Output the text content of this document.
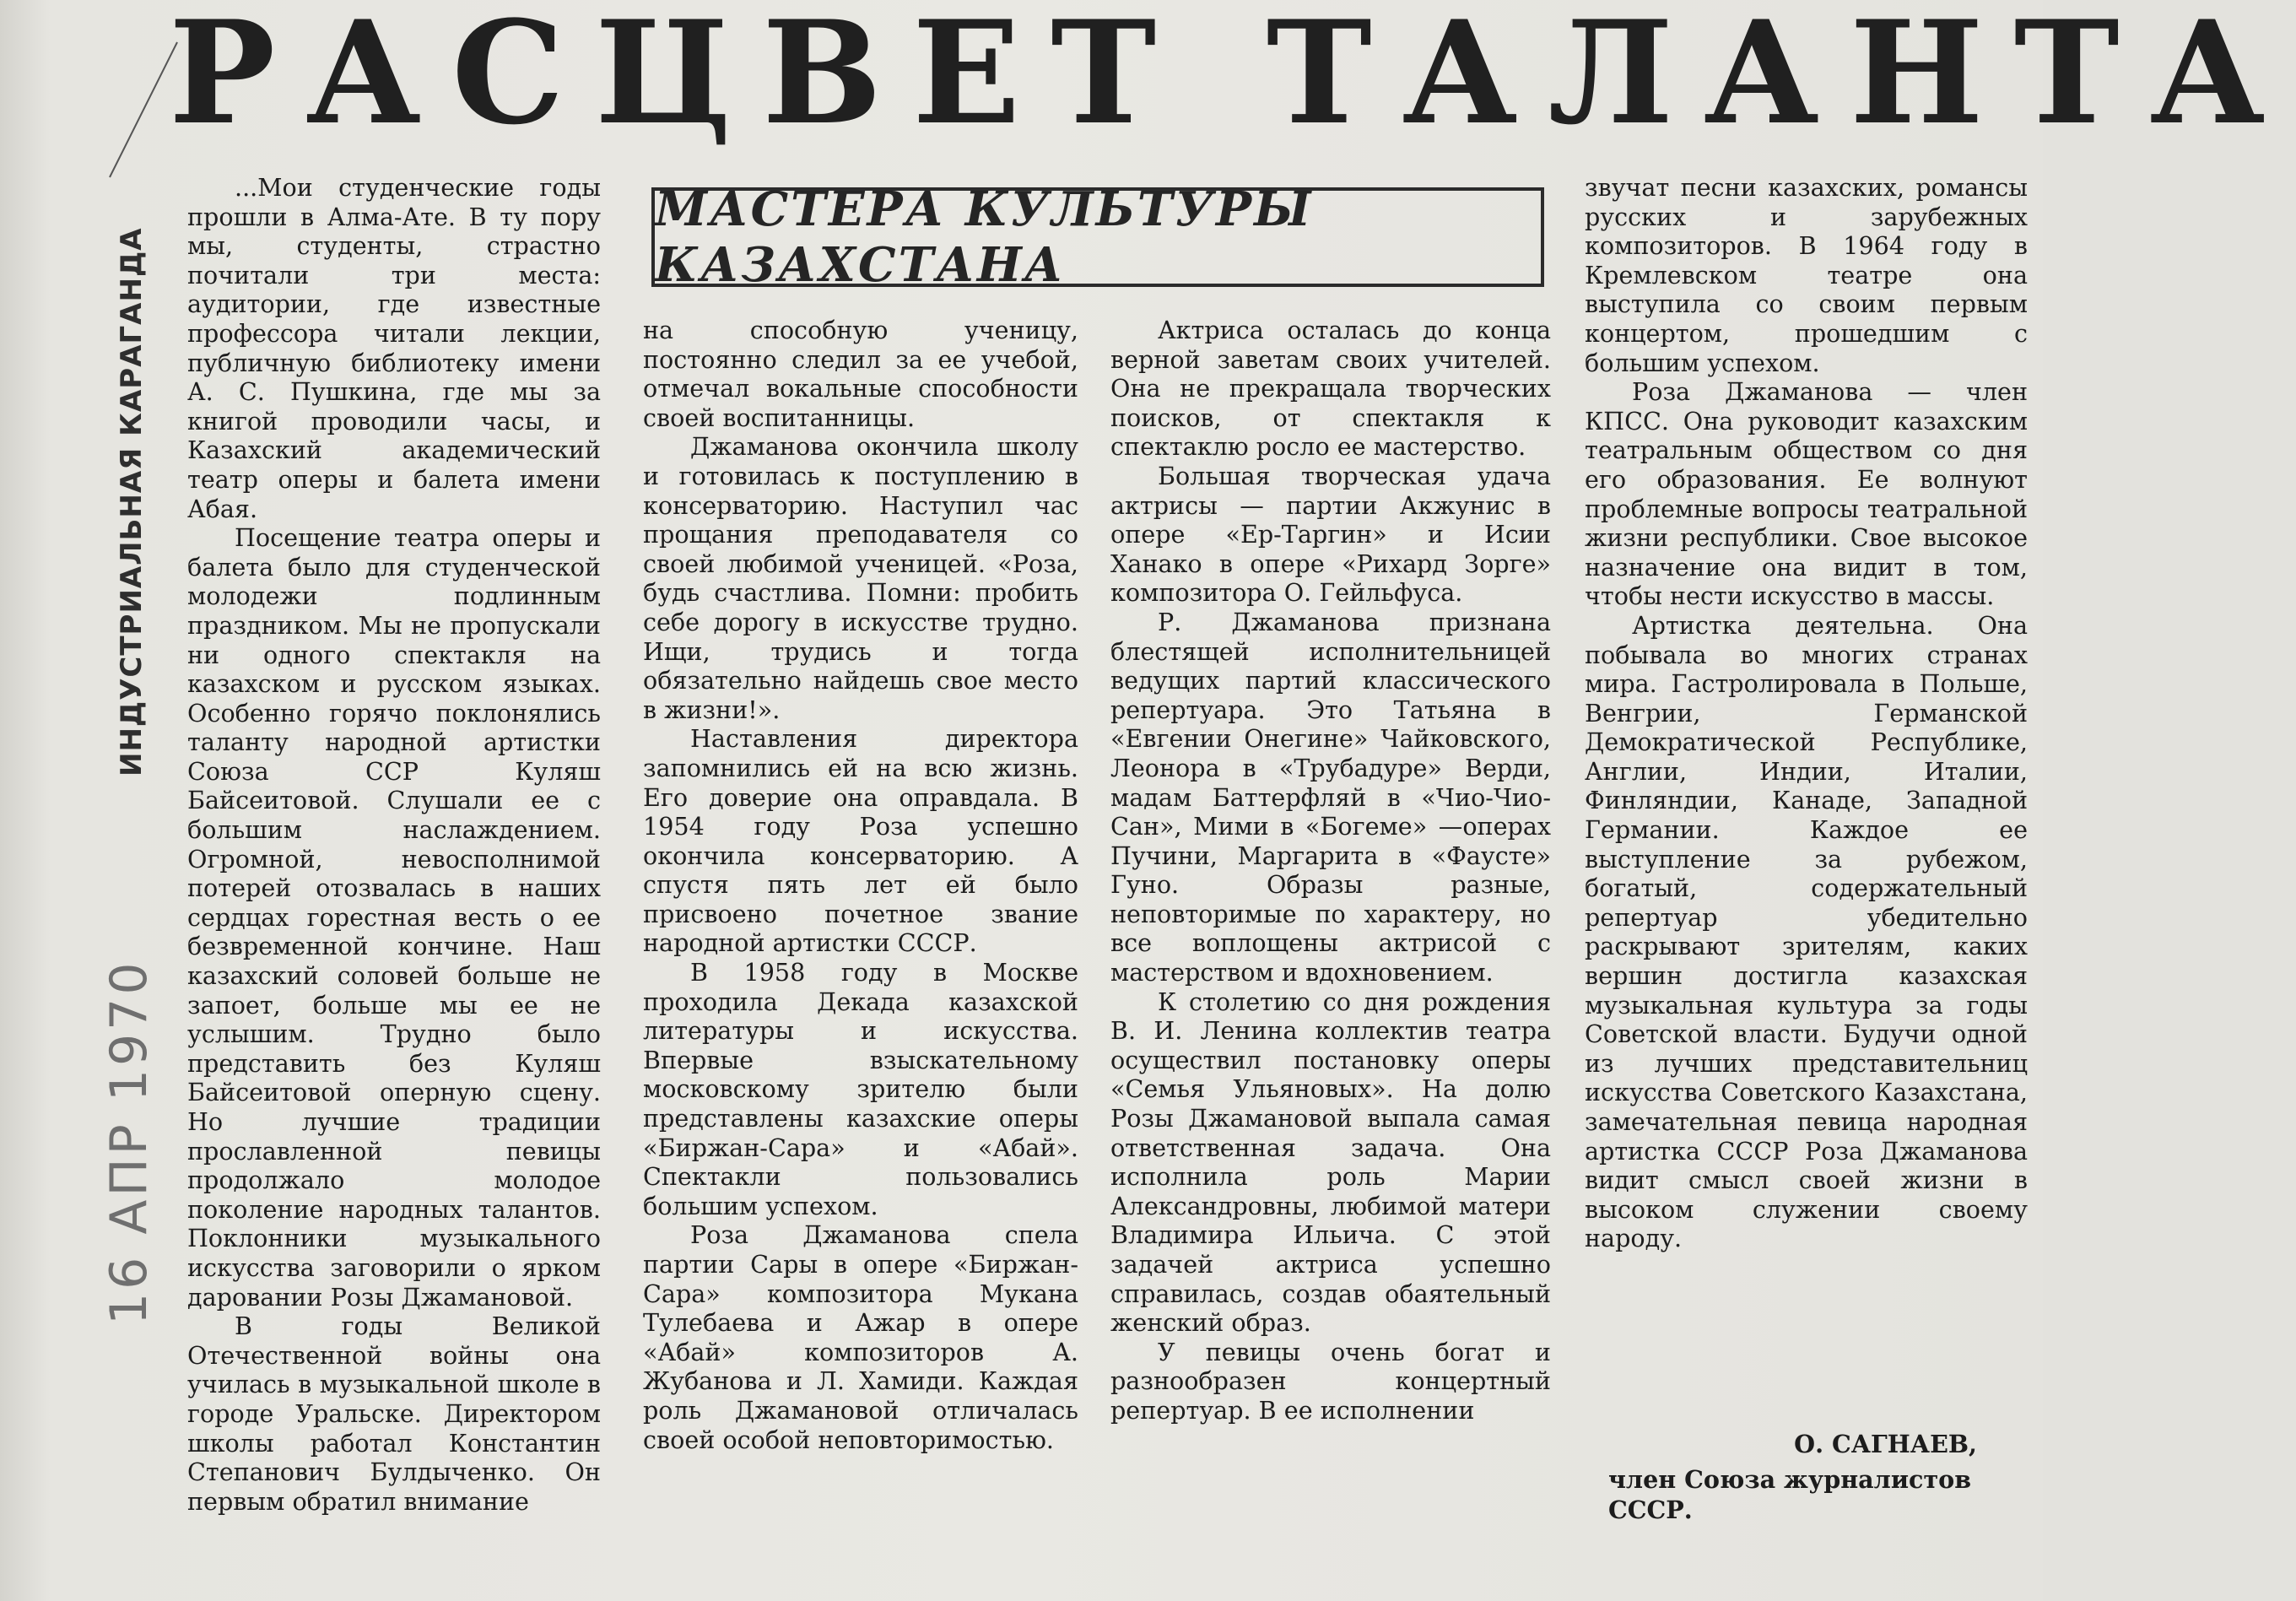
РАСЦВЕТ ТАЛАНТА
ИНДУСТРИАЛЬНАЯ КАРАГАНДА
16 АПР 1970
МАСТЕРА КУЛЬТУРЫ КАЗАХСТАНА

...Мои студенческие годы прошли в Алма-Ате. В ту пору мы, студенты, страстно почитали три места: аудитории, где известные профессора читали лекции, публичную библиотеку имени А. С. Пушкина, где мы за книгой проводили часы, и Казахский академический театр оперы и балета имени Абая.

Посещение театра оперы и балета было для студенческой молодежи подлинным праздником. Мы не пропускали ни одного спектакля на казахском и русском языках. Особенно горячо поклонялись таланту народной артистки Союза ССР Куляш Байсеитовой. Слушали ее с большим наслаждением. Огромной, невосполнимой потерей отозвалась в наших сердцах горестная весть о ее безвременной кончине. Наш казахский соловей больше не запоет, больше мы ее не услышим. Трудно было представить без Куляш Байсеитовой оперную сцену. Но лучшие традиции прославленной певицы продолжало молодое поколение народных талантов. Поклонники музыкального искусства заговорили о ярком даровании Розы Джамановой.

В годы Великой Отечественной войны она училась в музыкальной школе в городе Уральске. Директором школы работал Константин Степанович Булдыченко. Он первым обратил внимание

на способную ученицу, постоянно следил за ее учебой, отмечал вокальные способности своей воспитанницы.

Джаманова окончила школу и готовилась к поступлению в консерваторию. Наступил час прощания преподавателя со своей любимой ученицей. «Роза, будь счастлива. Помни: пробить себе дорогу в искусстве трудно. Ищи, трудись и тогда обязательно найдешь свое место в жизни!».

Наставления директора запомнились ей на всю жизнь. Его доверие она оправдала. В 1954 году Роза успешно окончила консерваторию. А спустя пять лет ей было присвоено почетное звание народной артистки СССР.

В 1958 году в Москве проходила Декада казахской литературы и искусства. Впервые взыскательному московскому зрителю были представлены казахские оперы «Биржан-Сара» и «Абай». Спектакли пользовались большим успехом.

Роза Джаманова спела партии Сары в опере «Биржан-Сара» композитора Мукана Тулебаева и Ажар в опере «Абай» композиторов А. Жубанова и Л. Хамиди. Каждая роль Джамановой отличалась своей особой неповторимостью.

Актриса осталась до конца верной заветам своих учителей. Она не прекращала творческих поисков, от спектакля к спектаклю росло ее мастерство.

Большая творческая удача актрисы — партии Акжунис в опере «Ер-Таргин» и Исии Ханако в опере «Рихард Зорге» композитора О. Гейльфуса.

Р. Джаманова признана блестящей исполнительницей ведущих партий классического репертуара. Это Татьяна в «Евгении Онегине» Чайковского, Леонора в «Трубадуре» Верди, мадам Баттерфляй в «Чио-Чио-Сан», Мими в «Богеме» —операх Пучини, Маргарита в «Фаусте» Гуно. Образы разные, неповторимые по характеру, но все воплощены актрисой с мастерством и вдохновением.

К столетию со дня рождения В. И. Ленина коллектив театра осуществил постановку оперы «Семья Ульяновых». На долю Розы Джамановой выпала самая ответственная задача. Она исполнила роль Марии Александровны, любимой матери Владимира Ильича. С этой задачей актриса успешно справилась, создав обаятельный женский образ.

У певицы очень богат и разнообразен концертный репертуар. В ее исполнении

звучат песни казахских, романсы русских и зарубежных композиторов. В 1964 году в Кремлевском театре она выступила со своим первым концертом, прошедшим с большим успехом.

Роза Джаманова — член КПСС. Она руководит казахским театральным обществом со дня его образования. Ее волнуют проблемные вопросы театральной жизни республики. Свое высокое назначение она видит в том, чтобы нести искусство в массы.

Артистка деятельна. Она побывала во многих странах мира. Гастролировала в Польше, Венгрии, Германской Демократической Республике, Англии, Индии, Италии, Финляндии, Канаде, Западной Германии. Каждое ее выступление за рубежом, богатый, содержательный репертуар убедительно раскрывают зрителям, каких вершин достигла казахская музыкальная культура за годы Советской власти. Будучи одной из лучших представительниц искусства Советского Казахстана, замечательная певица народная артистка СССР Роза Джаманова видит смысл своей жизни в высоком служении своему народу.

О. САГНАЕВ,
член Союза журналистов СССР.
